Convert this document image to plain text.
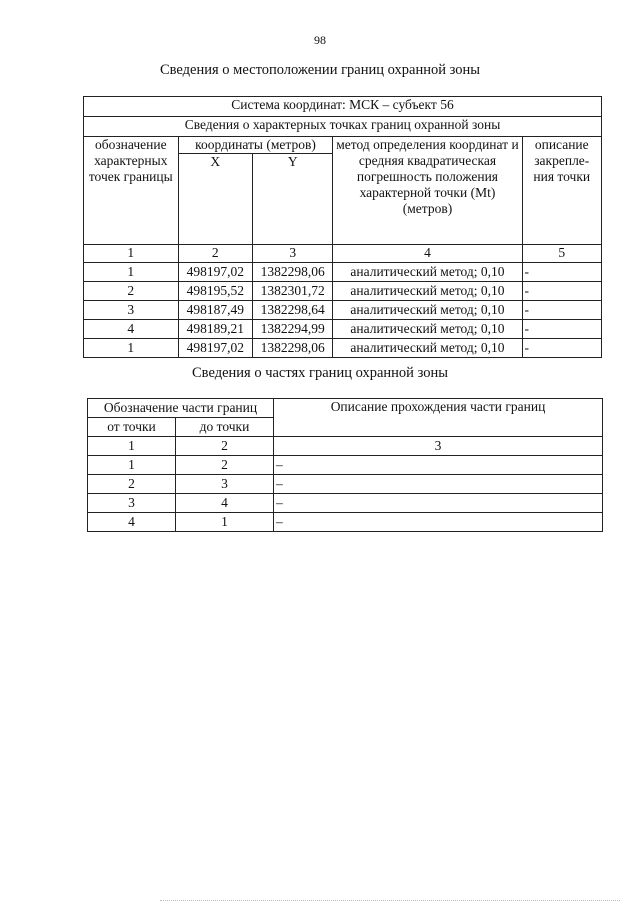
98
Сведения о местоположении границ охранной зоны
Система координат: МСК – субъект 56				
Сведения о характерных точках границ охранной зоны				
обозначение характерных точек границы	координаты (метров)		метод определения координат и средняя квадратическая погрешность положения характерной точки (Mt) (метров)	описание закрепле-ния точки
	X	Y		
1	2	3	4	5
1	498197,02	1382298,06	аналитический метод; 0,10	-
2	498195,52	1382301,72	аналитический метод; 0,10	-
3	498187,49	1382298,64	аналитический метод; 0,10	-
4	498189,21	1382294,99	аналитический метод; 0,10	-
1	498197,02	1382298,06	аналитический метод; 0,10	-
Сведения о частях границ охранной зоны
Обозначение части границ		Описание прохождения части границ
от точки	до точки	
1	2	3
1	2	–
2	3	–
3	4	–
4	1	–
